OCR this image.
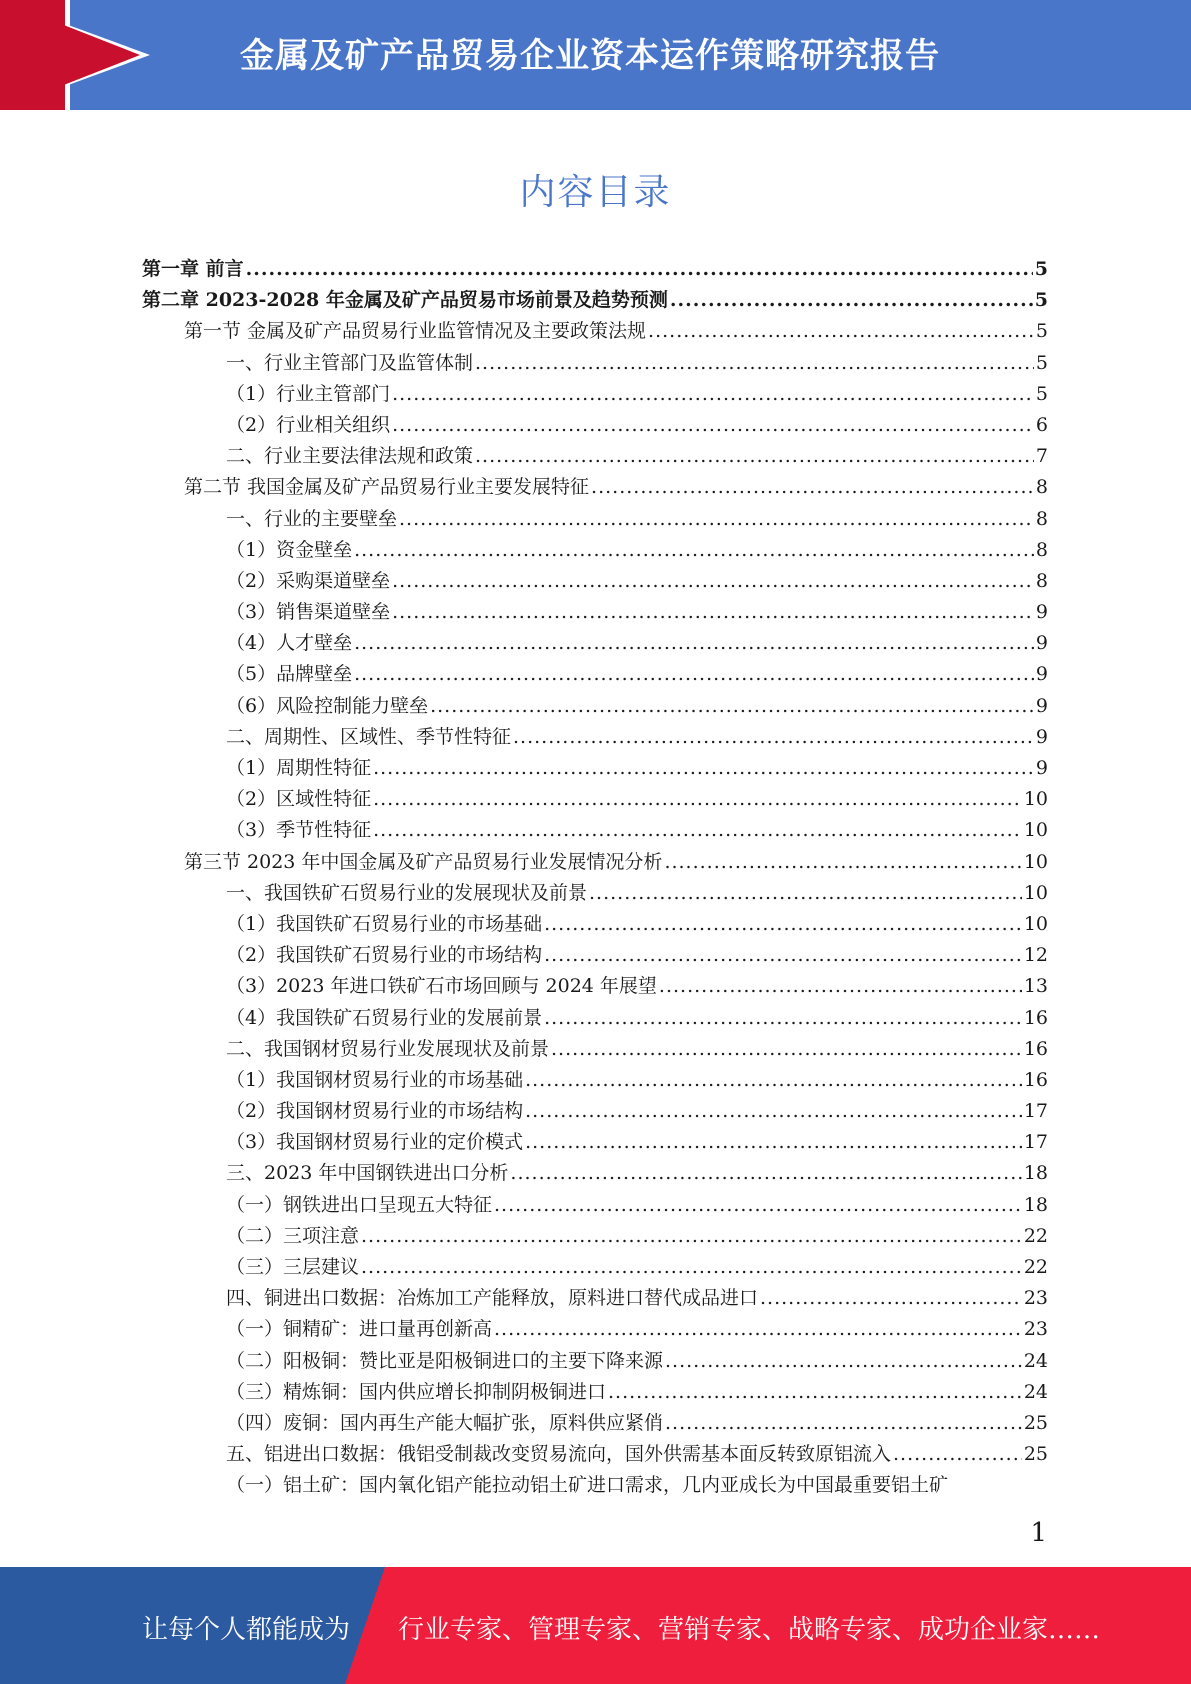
金属及矿产品贸易企业资本运作策略研究报告
内容目录
第一章 前言 .....	5
第二章 2023-2028 年金属及矿产品贸易市场前景及趋势预测 .....	5
第一节 金属及矿产品贸易行业监管情况及主要政策法规 .....	5
一、行业主管部门及监管体制 .....	5
（1）行业主管部门 .....	5
（2）行业相关组织 .....	6
二、行业主要法律法规和政策 .....	7
第二节 我国金属及矿产品贸易行业主要发展特征 .....	8
一、行业的主要壁垒 .....	8
（1）资金壁垒 .....	8
（2）采购渠道壁垒 .....	8
（3）销售渠道壁垒 .....	9
（4）人才壁垒 .....	9
（5）品牌壁垒 .....	9
（6）风险控制能力壁垒 .....	9
二、周期性、区域性、季节性特征 .....	9
（1）周期性特征 .....	9
（2）区域性特征 .....	10
（3）季节性特征 .....	10
第三节 2023 年中国金属及矿产品贸易行业发展情况分析 .....	10
一、我国铁矿石贸易行业的发展现状及前景 .....	10
（1）我国铁矿石贸易行业的市场基础 .....	10
（2）我国铁矿石贸易行业的市场结构 .....	12
（3）2023 年进口铁矿石市场回顾与 2024 年展望 .....	13
（4）我国铁矿石贸易行业的发展前景 .....	16
二、我国钢材贸易行业发展现状及前景 .....	16
（1）我国钢材贸易行业的市场基础 .....	16
（2）我国钢材贸易行业的市场结构 .....	17
（3）我国钢材贸易行业的定价模式 .....	17
三、2023 年中国钢铁进出口分析 .....	18
（一）钢铁进出口呈现五大特征 .....	18
（二）三项注意 .....	22
（三）三层建议 .....	22
四、铜进出口数据：冶炼加工产能释放，原料进口替代成品进口 .....	23
（一）铜精矿：进口量再创新高 .....	23
（二）阳极铜：赞比亚是阳极铜进口的主要下降来源 .....	24
（三）精炼铜：国内供应增长抑制阴极铜进口 .....	24
（四）废铜：国内再生产能大幅扩张，原料供应紧俏 .....	25
五、铝进出口数据：俄铝受制裁改变贸易流向，国外供需基本面反转致原铝流入 .....	25
（一）铝土矿：国内氧化铝产能拉动铝土矿进口需求，几内亚成长为中国最重要铝土矿
1
让每个人都能成为 行业专家、管理专家、营销专家、战略专家、成功企业家……
